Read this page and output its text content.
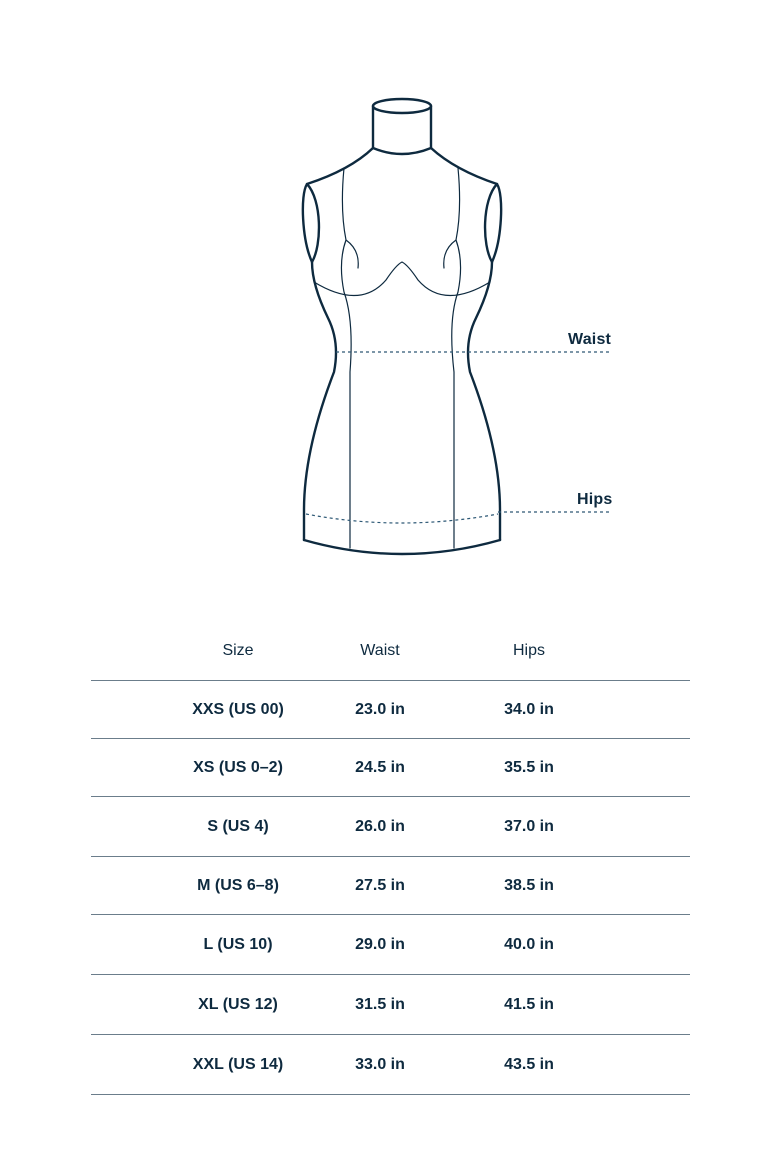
Waist
Hips
Size	Waist	Hips
XXS (US 00)	23.0 in	34.0 in
XS (US 0–2)	24.5 in	35.5 in
S (US 4)	26.0 in	37.0 in
M (US 6–8)	27.5 in	38.5 in
L (US 10)	29.0 in	40.0 in
XL (US 12)	31.5 in	41.5 in
XXL (US 14)	33.0 in	43.5 in
